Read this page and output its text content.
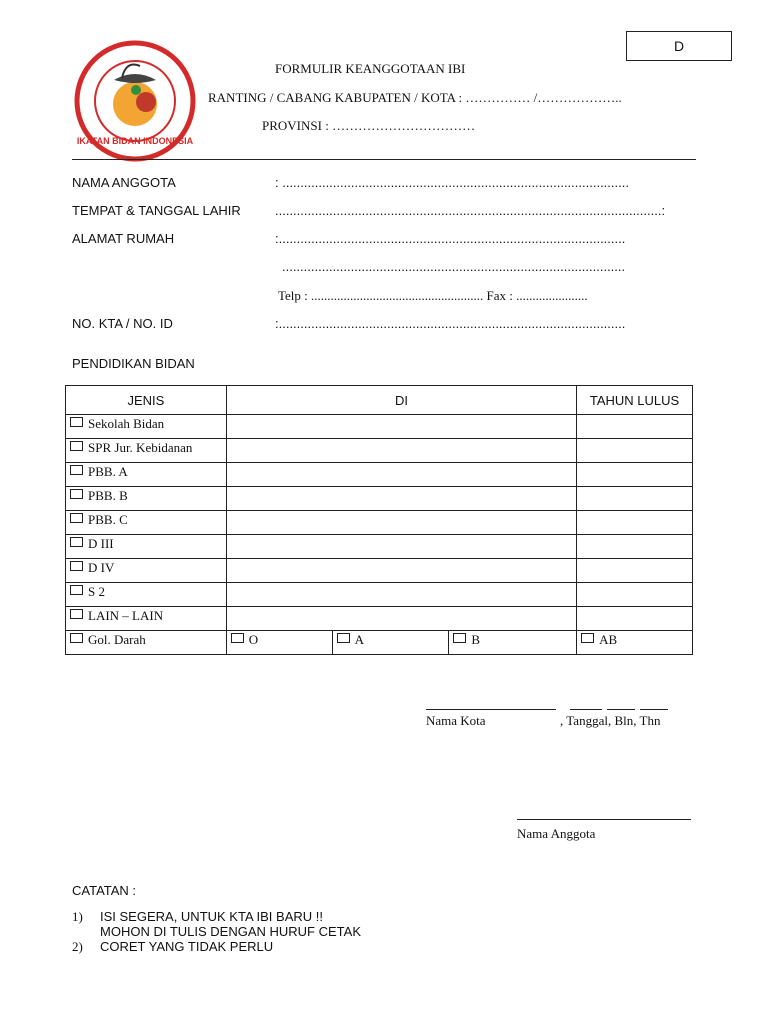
D
IKATAN BIDAN INDONESIA
FORMULIR KEANGGOTAAN IBI
RANTING / CABANG KABUPATEN / KOTA : …………… /………………..
PROVINSI : ……………………………
NAMA ANGGOTA	: ................................................................................................
TEMPAT & TANGGAL LAHIR	...........................................................................................................:
ALAMAT RUMAH	:................................................................................................
...............................................................................................
Telp : ..................................................... Fax : ......................
NO. KTA / NO. ID	:................................................................................................
PENDIDIKAN BIDAN
JENIS	DI			TAHUN LULUS

Sekolah Bidan				

SPR Jur. Kebidanan				

PBB. A				

PBB. B				

PBB. C				

D III				

D IV				

S 2				

LAIN – LAIN				

Gol. Darah	O	A	B	AB
Nama Kota	, Tanggal, Bln, Thn
Nama Anggota
CATATAN :
1) ISI SEGERA, UNTUK KTA IBI BARU !!
MOHON DI TULIS DENGAN HURUF CETAK
2) CORET YANG TIDAK PERLU
